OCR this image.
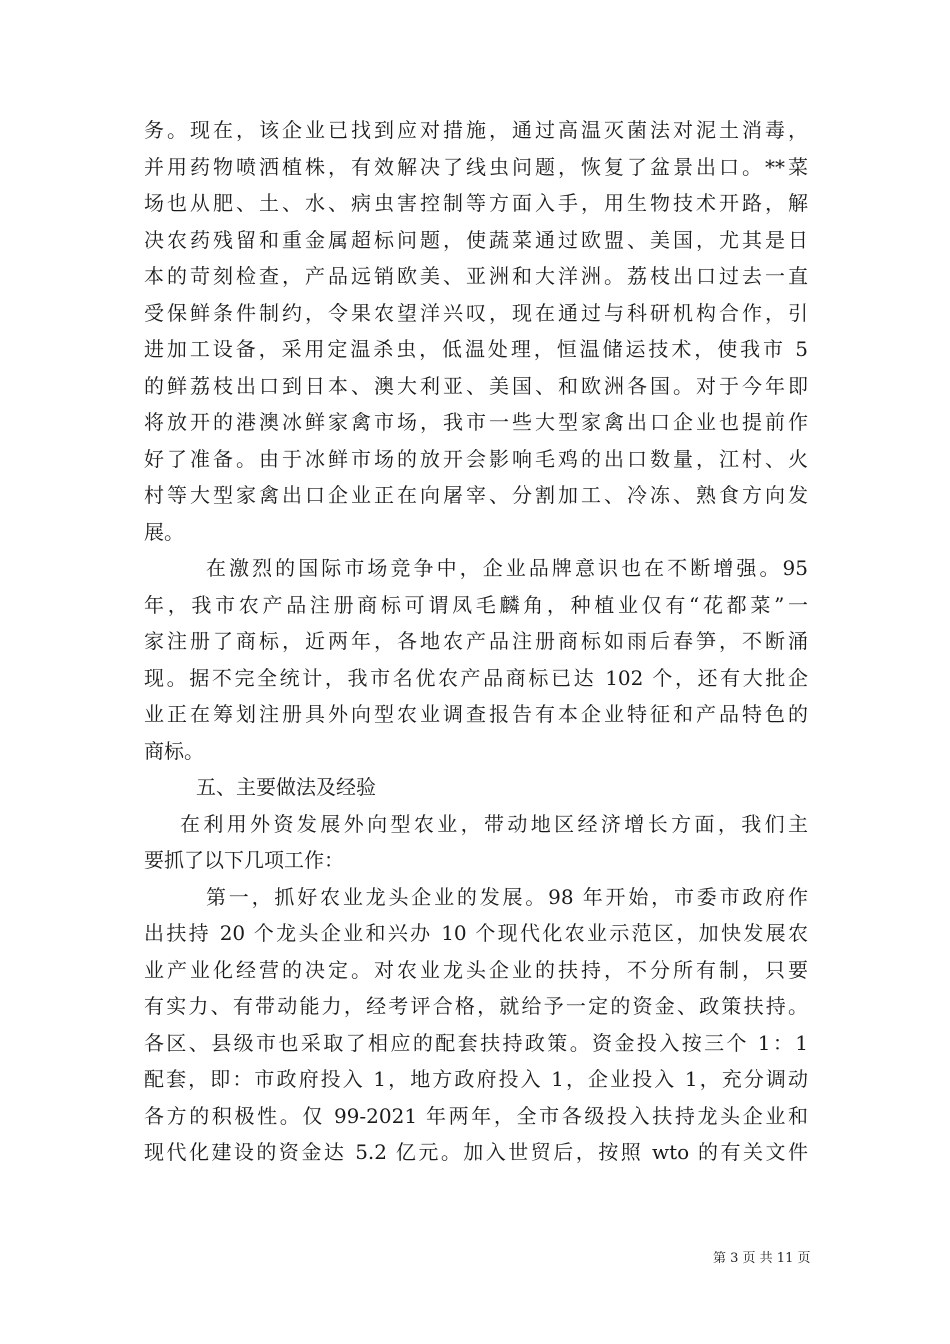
务。现在，该企业已找到应对措施，通过高温灭菌法对泥土消毒，
并用药物喷洒植株，有效解决了线虫问题，恢复了盆景出口。**菜
场也从肥、土、水、病虫害控制等方面入手，用生物技术开路，解
决农药残留和重金属超标问题，使蔬菜通过欧盟、美国，尤其是日
本的苛刻检查，产品远销欧美、亚洲和大洋洲。荔枝出口过去一直
受保鲜条件制约，令果农望洋兴叹，现在通过与科研机构合作，引
进加工设备，采用定温杀虫，低温处理，恒温储运技术，使我市 5
的鲜荔枝出口到日本、澳大利亚、美国、和欧洲各国。对于今年即
将放开的港澳冰鲜家禽市场，我市一些大型家禽出口企业也提前作
好了准备。由于冰鲜市场的放开会影响毛鸡的出口数量，江村、火
村等大型家禽出口企业正在向屠宰、分割加工、冷冻、熟食方向发
展。
在激烈的国际市场竞争中，企业品牌意识也在不断增强。95
年，我市农产品注册商标可谓凤毛麟角，种植业仅有“花都菜”一
家注册了商标，近两年，各地农产品注册商标如雨后春笋，不断涌
现。据不完全统计，我市名优农产品商标已达 102 个，还有大批企
业正在筹划注册具外向型农业调查报告有本企业特征和产品特色的
商标。
五、主要做法及经验
在利用外资发展外向型农业，带动地区经济增长方面，我们主
要抓了以下几项工作：
第一，抓好农业龙头企业的发展。98 年开始，市委市政府作
出扶持 20 个龙头企业和兴办 10 个现代化农业示范区，加快发展农
业产业化经营的决定。对农业龙头企业的扶持，不分所有制，只要
有实力、有带动能力，经考评合格，就给予一定的资金、政策扶持。
各区、县级市也采取了相应的配套扶持政策。资金投入按三个 1：1
配套，即：市政府投入 1，地方政府投入 1，企业投入 1，充分调动
各方的积极性。仅 99-2021 年两年，全市各级投入扶持龙头企业和
现代化建设的资金达 5.2 亿元。加入世贸后，按照 wto 的有关文件
第 3 页 共 11 页
